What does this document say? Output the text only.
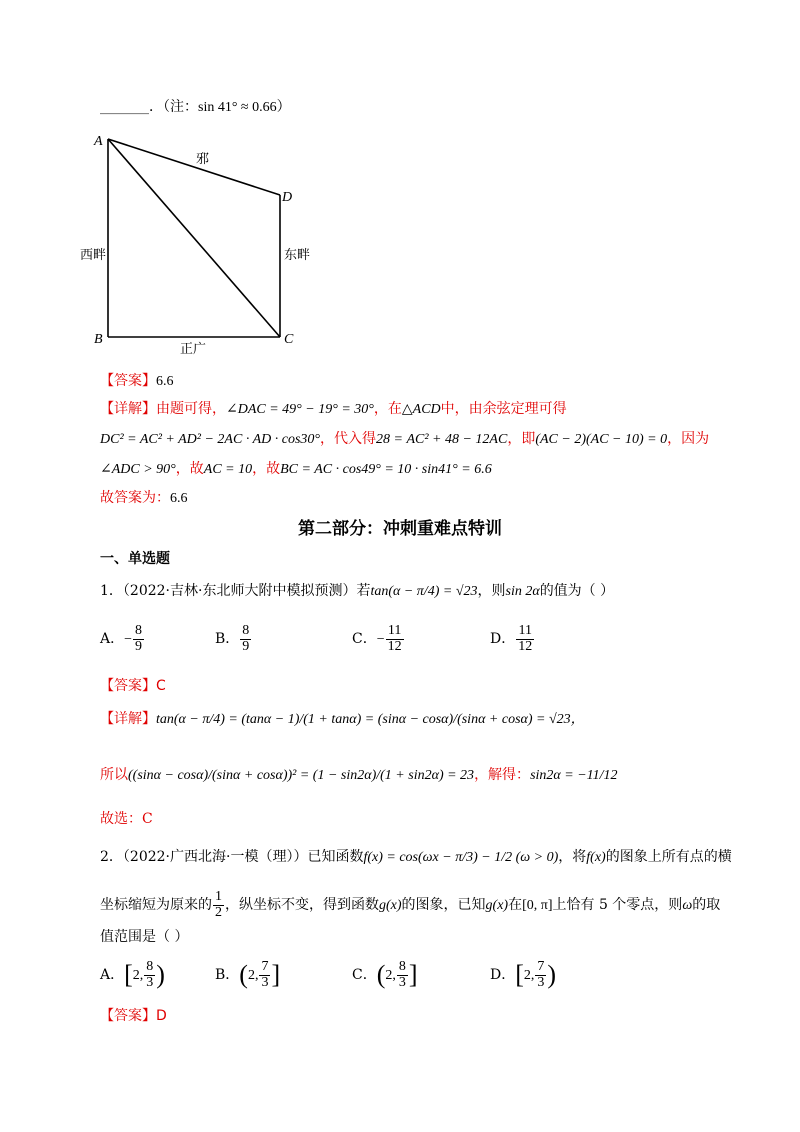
_______．（注：sin 41° ≈ 0.66）
A
B	C
D
西畔	东畔
邪
正广
【答案】6.6
【详解】由题可得，∠DAC = 49° − 19° = 30°，在△ACD中，由余弦定理可得
DC² = AC² + AD² − 2AC · AD · cos30°，代入得28 = AC² + 48 − 12AC，即(AC − 2)(AC − 10) = 0，因为
∠ADC > 90°，故AC = 10，故BC = AC · cos49° = 10 · sin41° = 6.6
故答案为：6.6
第二部分：冲刺重难点特训
一、单选题
1．（2022·吉林·东北师大附中模拟预测）若tan(α − π/4) = √23，则sin 2α的值为（ ）
A．− $\frac{8}{9}$	B． $\frac{8}{9}$	C．− $\frac{11}{12}$	D． $\frac{11}{12}$
【答案】C
【详解】tan(α − π/4) = (tanα − 1)/(1 + tanα) = (sinα − cosα)/(sinα + cosα) = √23，
所以((sinα − cosα)/(sinα + cosα))² = (1 − sin2α)/(1 + sin2α) = 23，解得：sin2α = −11/12
故选：C
2．（2022·广西北海·一模（理））已知函数f(x) = cos(ωx − π/3) − 1/2 (ω > 0)，将f(x)的图象上所有点的横
坐标缩短为原来的 $\frac{1}{2}$ ，纵坐标不变，得到函数g(x)的图象，已知g(x)在[0, π]上恰有 5 个零点，则ω的取
值范围是（ ）
A．[2, $\frac{8}{3}$ )	B．(2, $\frac{7}{3}$ ]	C．(2, $\frac{8}{3}$ ]	D．[2, $\frac{7}{3}$ )
【答案】D
